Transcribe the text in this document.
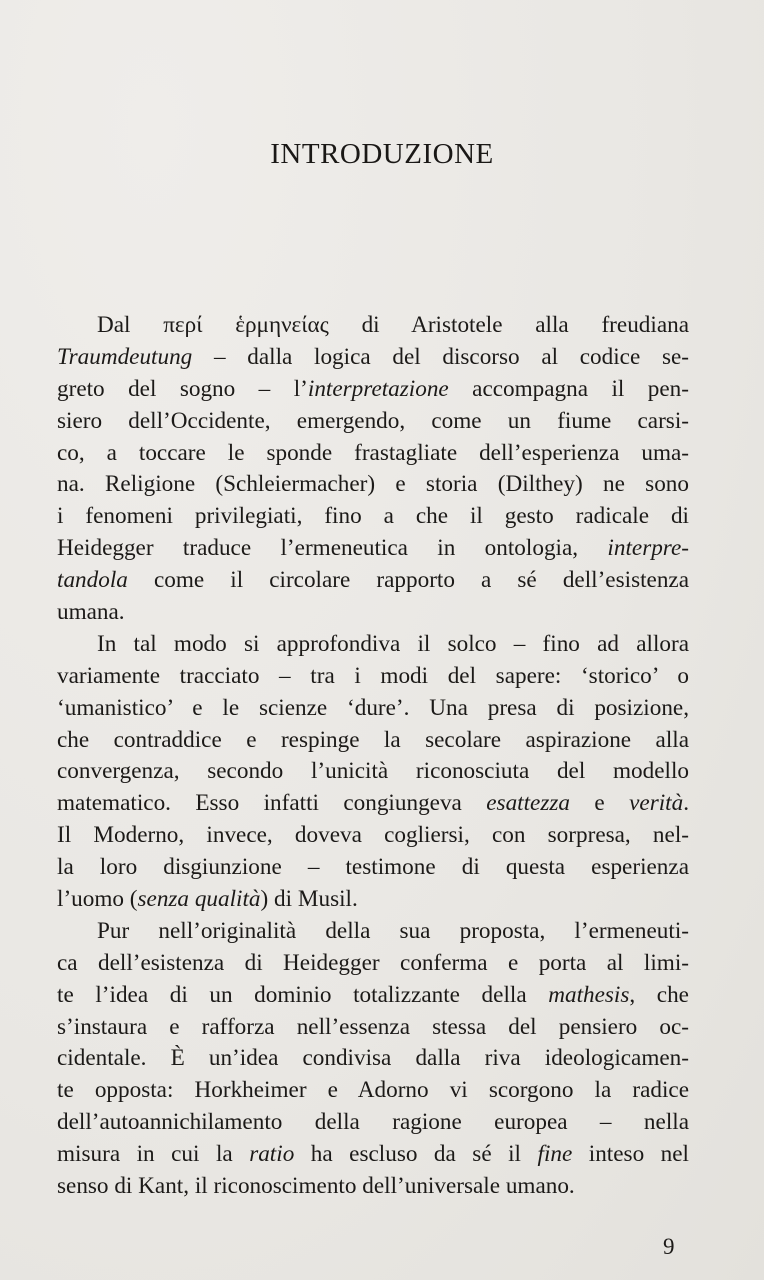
INTRODUZIONE
Dal περί ἑρμηνείας di Aristotele alla freudiana
Traumdeutung – dalla logica del discorso al codice se-
greto del sogno – l’interpretazione accompagna il pen-
siero dell’Occidente, emergendo, come un fiume carsi-
co, a toccare le sponde frastagliate dell’esperienza uma-
na. Religione (Schleiermacher) e storia (Dilthey) ne sono
i fenomeni privilegiati, fino a che il gesto radicale di
Heidegger traduce l’ermeneutica in ontologia, interpre-
tandola come il circolare rapporto a sé dell’esistenza
umana.
In tal modo si approfondiva il solco – fino ad allora
variamente tracciato – tra i modi del sapere: ‘storico’ o
‘umanistico’ e le scienze ‘dure’. Una presa di posizione,
che contraddice e respinge la secolare aspirazione alla
convergenza, secondo l’unicità riconosciuta del modello
matematico. Esso infatti congiungeva esattezza e verità.
Il Moderno, invece, doveva cogliersi, con sorpresa, nel-
la loro disgiunzione – testimone di questa esperienza
l’uomo (senza qualità) di Musil.
Pur nell’originalità della sua proposta, l’ermeneuti-
ca dell’esistenza di Heidegger conferma e porta al limi-
te l’idea di un dominio totalizzante della mathesis, che
s’instaura e rafforza nell’essenza stessa del pensiero oc-
cidentale. È un’idea condivisa dalla riva ideologicamen-
te opposta: Horkheimer e Adorno vi scorgono la radice
dell’autoannichilamento della ragione europea – nella
misura in cui la ratio ha escluso da sé il fine inteso nel
senso di Kant, il riconoscimento dell’universale umano.
9
